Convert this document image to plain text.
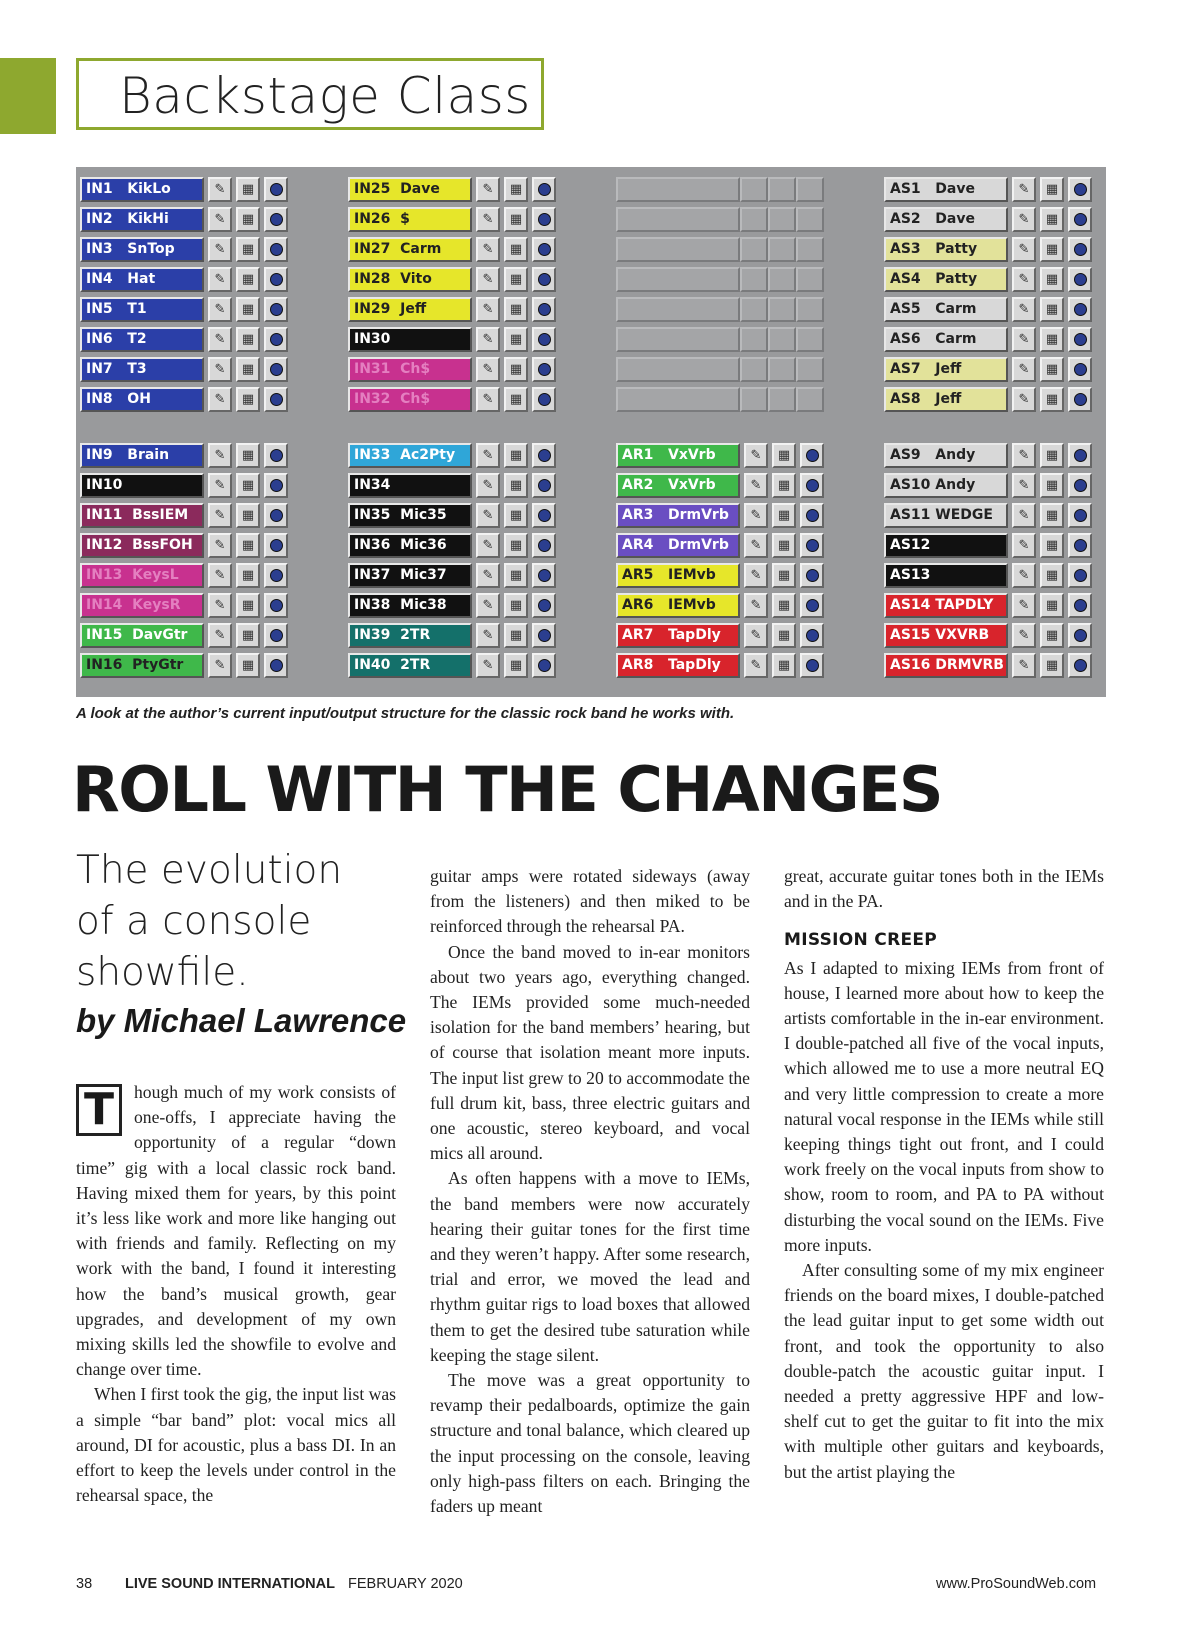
Backstage Class
IN1   KikLo	✎	▦
IN2   KikHi	✎	▦
IN3   SnTop	✎	▦
IN4   Hat	✎	▦
IN5   T1	✎	▦
IN6   T2	✎	▦
IN7   T3	✎	▦
IN8   OH	✎	▦
IN25  Dave	✎	▦
IN26  $	✎	▦
IN27  Carm	✎	▦
IN28  Vito	✎	▦
IN29  Jeff	✎	▦
IN30	✎	▦
IN31  Ch$	✎	▦
IN32  Ch$	✎	▦
AS1   Dave	✎	▦
AS2   Dave	✎	▦
AS3   Patty	✎	▦
AS4   Patty	✎	▦
AS5   Carm	✎	▦
AS6   Carm	✎	▦
AS7   Jeff	✎	▦
AS8   Jeff	✎	▦
IN9   Brain	✎	▦
IN10	✎	▦
IN11  BssIEM	✎	▦
IN12  BssFOH	✎	▦
IN13  KeysL	✎	▦
IN14  KeysR	✎	▦
IN15  DavGtr	✎	▦
IN16  PtyGtr	✎	▦
IN33  Ac2Pty	✎	▦
IN34	✎	▦
IN35  Mic35	✎	▦
IN36  Mic36	✎	▦
IN37  Mic37	✎	▦
IN38  Mic38	✎	▦
IN39  2TR	✎	▦
IN40  2TR	✎	▦
AR1   VxVrb	✎	▦
AR2   VxVrb	✎	▦
AR3   DrmVrb	✎	▦
AR4   DrmVrb	✎	▦
AR5   IEMvb	✎	▦
AR6   IEMvb	✎	▦
AR7   TapDly	✎	▦
AR8   TapDly	✎	▦
AS9   Andy	✎	▦
AS10 Andy	✎	▦
AS11 WEDGE	✎	▦
AS12	✎	▦
AS13	✎	▦
AS14 TAPDLY	✎	▦
AS15 VXVRB	✎	▦
AS16 DRMVRB	✎	▦
A look at the author’s current input/output structure for the classic rock band he works with.
ROLL WITH THE CHANGES
The evolution of a console showfile.
by Michael Lawrence
T	hough much of my work consists of one-offs, I appreciate having the opportunity of a regular “down time” gig with a local classic rock band. Having mixed them for years, by this point it’s less like work and more like hanging out with friends and family. Reflecting on my work with the band, I found it interesting how the band’s musical growth, gear upgrades, and development of my own mixing skills led the showfile to evolve and change over time.

When I first took the gig, the input list was a simple “bar band” plot: vocal mics all around, DI for acoustic, plus a bass DI. In an effort to keep the levels under control in the rehearsal space, the

guitar amps were rotated sideways (away from the listeners) and then miked to be reinforced through the rehearsal PA.

Once the band moved to in-ear monitors about two years ago, everything changed. The IEMs provided some much-needed isolation for the band members’ hearing, but of course that isolation meant more inputs. The input list grew to 20 to accommodate the full drum kit, bass, three electric guitars and one acoustic, stereo keyboard, and vocal mics all around.

As often happens with a move to IEMs, the band members were now accurately hearing their guitar tones for the first time and they weren’t happy. After some research, trial and error, we moved the lead and rhythm guitar rigs to load boxes that allowed them to get the desired tube saturation while keeping the stage silent.

The move was a great opportunity to revamp their pedalboards, optimize the gain structure and tonal balance, which cleared up the input processing on the console, leaving only high-pass filters on each. Bringing the faders up meant

great, accurate guitar tones both in the IEMs and in the PA.

MISSION CREEP

As I adapted to mixing IEMs from front of house, I learned more about how to keep the artists comfortable in the in-ear environment. I double-patched all five of the vocal inputs, which allowed me to use a more neutral EQ and very little compression to create a more natural vocal response in the IEMs while still keeping things tight out front, and I could work freely on the vocal inputs from show to show, room to room, and PA to PA without disturbing the vocal sound on the IEMs. Five more inputs.

After consulting some of my mix engineer friends on the board mixes, I double-patched the lead guitar input to get some width out front, and took the opportunity to also double-patch the acoustic guitar input. I needed a pretty aggressive HPF and low-shelf cut to get the guitar to fit into the mix with multiple other guitars and keyboards, but the artist playing the

38 LIVE SOUND INTERNATIONAL FEBRUARY 2020	www.ProSoundWeb.com
